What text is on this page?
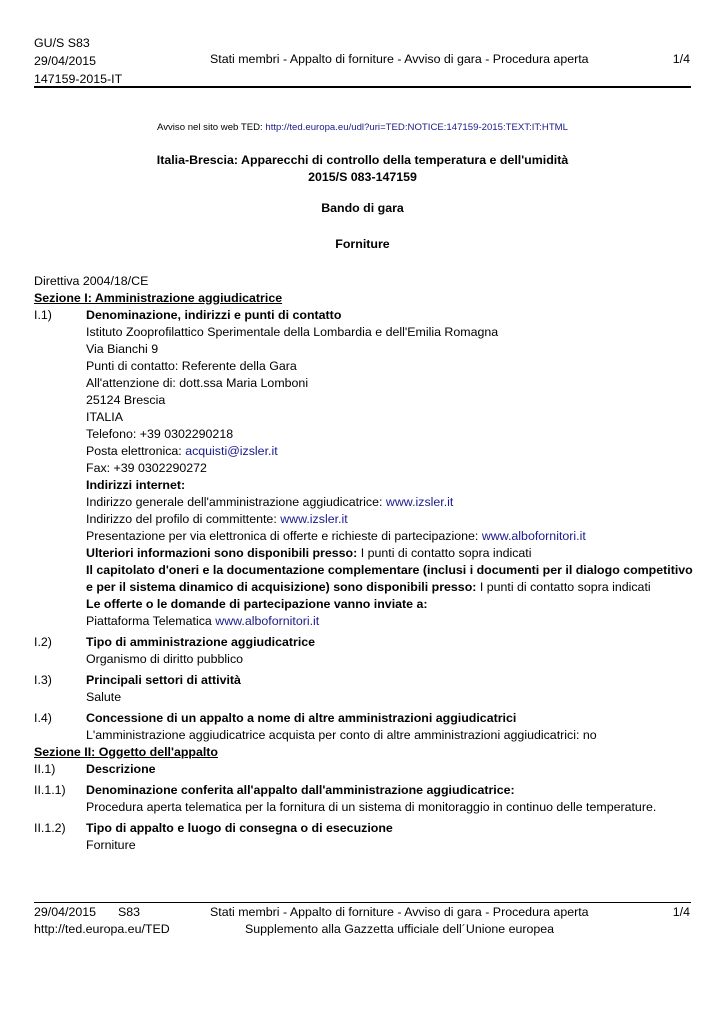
GU/S S83
29/04/2015
147159-2015-IT
Stati membri - Appalto di forniture - Avviso di gara - Procedura aperta	1/4
Avviso nel sito web TED: http://ted.europa.eu/udl?uri=TED:NOTICE:147159-2015:TEXT:IT:HTML
Italia-Brescia: Apparecchi di controllo della temperatura e dell'umidità
2015/S 083-147159
Bando di gara
Forniture
Direttiva 2004/18/CE
Sezione I: Amministrazione aggiudicatrice
I.1)	Denominazione, indirizzi e punti di contatto
Istituto Zooprofilattico Sperimentale della Lombardia e dell'Emilia Romagna
Via Bianchi 9
Punti di contatto: Referente della Gara
All'attenzione di: dott.ssa Maria Lomboni
25124 Brescia
ITALIA
Telefono: +39 0302290218
Posta elettronica: acquisti@izsler.it
Fax: +39 0302290272
Indirizzi internet:
Indirizzo generale dell'amministrazione aggiudicatrice: www.izsler.it
Indirizzo del profilo di committente: www.izsler.it
Presentazione per via elettronica di offerte e richieste di partecipazione: www.albofornitori.it
Ulteriori informazioni sono disponibili presso: I punti di contatto sopra indicati
Il capitolato d'oneri e la documentazione complementare (inclusi i documenti per il dialogo competitivo
e per il sistema dinamico di acquisizione) sono disponibili presso: I punti di contatto sopra indicati
Le offerte o le domande di partecipazione vanno inviate a:
Piattaforma Telematica www.albofornitori.it
I.2)	Tipo di amministrazione aggiudicatrice
Organismo di diritto pubblico
I.3)	Principali settori di attività
Salute
I.4)	Concessione di un appalto a nome di altre amministrazioni aggiudicatrici
L'amministrazione aggiudicatrice acquista per conto di altre amministrazioni aggiudicatrici: no
Sezione II: Oggetto dell'appalto
II.1)	Descrizione
II.1.1)	Denominazione conferita all'appalto dall'amministrazione aggiudicatrice:
Procedura aperta telematica per la fornitura di un sistema di monitoraggio in continuo delle temperature.
II.1.2)	Tipo di appalto e luogo di consegna o di esecuzione
Forniture
29/04/2015 S83
http://ted.europa.eu/TED
Stati membri - Appalto di forniture - Avviso di gara - Procedura aperta
Supplemento alla Gazzetta ufficiale dell´Unione europea
1/4
